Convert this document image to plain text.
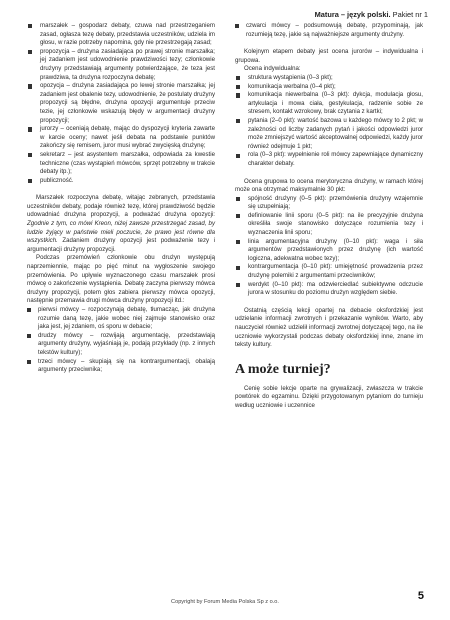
Matura – język polski. Pakiet nr 1
marszałek – gospodarz debaty, czuwa nad przestrzeganiem zasad, ogłasza tezę debaty, przedstawia uczestników, udziela im głosu, w razie potrzeby napomina, gdy nie przestrzegają zasad;
propozycja – drużyna zasiadająca po prawej stronie marszałka; jej zadaniem jest udowodnienie prawdziwości tezy; członkowie drużyny przedstawiają argumenty potwierdzające, że teza jest prawdziwa, ta drużyna rozpoczyna debatę;
opozycja – drużyna zasiadająca po lewej stronie marszałka; jej zadaniem jest obalenie tezy, udowodnienie, że postulaty drużyny propozycji są błędne, drużyna opozycji argumentuje przeciw tezie, jej członkowie wskazują błędy w argumentacji drużyny propozycji;
jurorzy – oceniają debatę, mając do dyspozycji kryteria zawarte w karcie oceny; nawet jeśli debata na podstawie punktów zakończy się remisem, juror musi wybrać zwycięską drużynę;
sekretarz – jest asystentem marszałka, odpowiada za kwestie techniczne (czas wystąpień mówców, sprzęt potrzebny w trakcie debaty itp.);
publiczność.

Marszałek rozpoczyna debatę, witając zebranych, przedstawia uczestników debaty, podaje również tezę, której prawdziwość będzie udowadniać drużyna propozycji, a podważać drużyna opozycji: Zgodnie z tym, co mówi Kreon, niżej zawsze przestrzegać zasad, by ludzie żyjący w państwie mieli poczucie, że prawo jest równe dla wszystkich. Zadaniem drużyny opozycji jest podważenie tezy i argumentacji drużyny propozycji.

Podczas przemówień członkowie obu drużyn występują naprzemiennie, mając po pięć minut na wygłoszenie swojego przemówienia. Po upływie wyznaczonego czasu marszałek prosi mówcę o zakończenie wystąpienia. Debatę zaczyna pierwszy mówca drużyny propozycji, potem głos zabiera pierwszy mówca opozycji, następnie przemawia drugi mówca drużyny propozycji itd.:

pierwsi mówcy – rozpoczynają debatę, tłumacząc, jak drużyna rozumie daną tezę, jakie wobec niej zajmuje stanowisko oraz jaka jest, jej zdaniem, oś sporu w debacie;
drudzy mówcy – rozwijają argumentację, przedstawiają argumenty drużyny, wyjaśniają je, podają przykłady (np. z innych tekstów kultury);
trzeci mówcy – skupiają się na kontrargumentacji, obalają argumenty przeciwnika;
czwarci mówcy – podsumowują debatę, przypominają, jak rozumieją tezę, jakie są najważniejsze argumenty drużyny.

Kolejnym etapem debaty jest ocena jurorów – indywidualna i grupowa.

Ocena indywidualna:

struktura wystąpienia (0–3 pkt);
komunikacja werbalna (0–4 pkt);
komunikacja niewerbalna (0–3 pkt): dykcja, modulacja głosu, artykulacja i mowa ciała, gestykulacja, radzenie sobie ze stresem, kontakt wzrokowy, brak czytania z kartki;
pytania (2–0 pkt): wartość bazowa u każdego mówcy to 2 pkt; w zależności od liczby zadanych pytań i jakości odpowiedzi juror może zmniejszyć wartość akceptowalnej odpowiedzi, każdy juror również odejmuje 1 pkt;
rola (0–3 pkt): wypełnienie roli mówcy zapewniające dynamiczny charakter debaty.

Ocena grupowa to ocena merytoryczna drużyny, w ramach której może ona otrzymać maksymalnie 30 pkt:

spójność drużyny (0–5 pkt): przemówienia drużyny wzajemnie się uzupełniają;
definiowanie linii sporu (0–5 pkt): na ile precyzyjnie drużyna określiła swoje stanowisko dotyczące rozumienia tezy i wyznaczenia linii sporu;
linia argumentacyjna drużyny (0–10 pkt): waga i siła argumentów przedstawionych przez drużynę (ich wartość logiczna, adekwatna wobec tezy);
kontrargumentacja (0–10 pkt): umiejętność prowadzenia przez drużynę polemiki z argumentami przeciwników;
werdykt (0–10 pkt): ma odzwierciedlać subiektywne odczucie jurora w stosunku do poziomu drużyn względem siebie.

Ostatnią częścią lekcji opartej na debacie oksfordzkiej jest udzielanie informacji zwrotnych i przekazanie wyników. Warto, aby nauczyciel również udzielił informacji zwrotnej dotyczącej tego, na ile uczniowie wykorzystali podczas debaty oksfordzkiej inne, znane im teksty kultury.

A może turniej?

Cenię sobie lekcje oparte na grywalizacji, zwłaszcza w trakcie powtórek do egzaminu. Dzięki przygotowanym pytaniom do turnieju według uczniowie i uczennice

Copyright by Forum Media Polska Sp z o.o.	5
